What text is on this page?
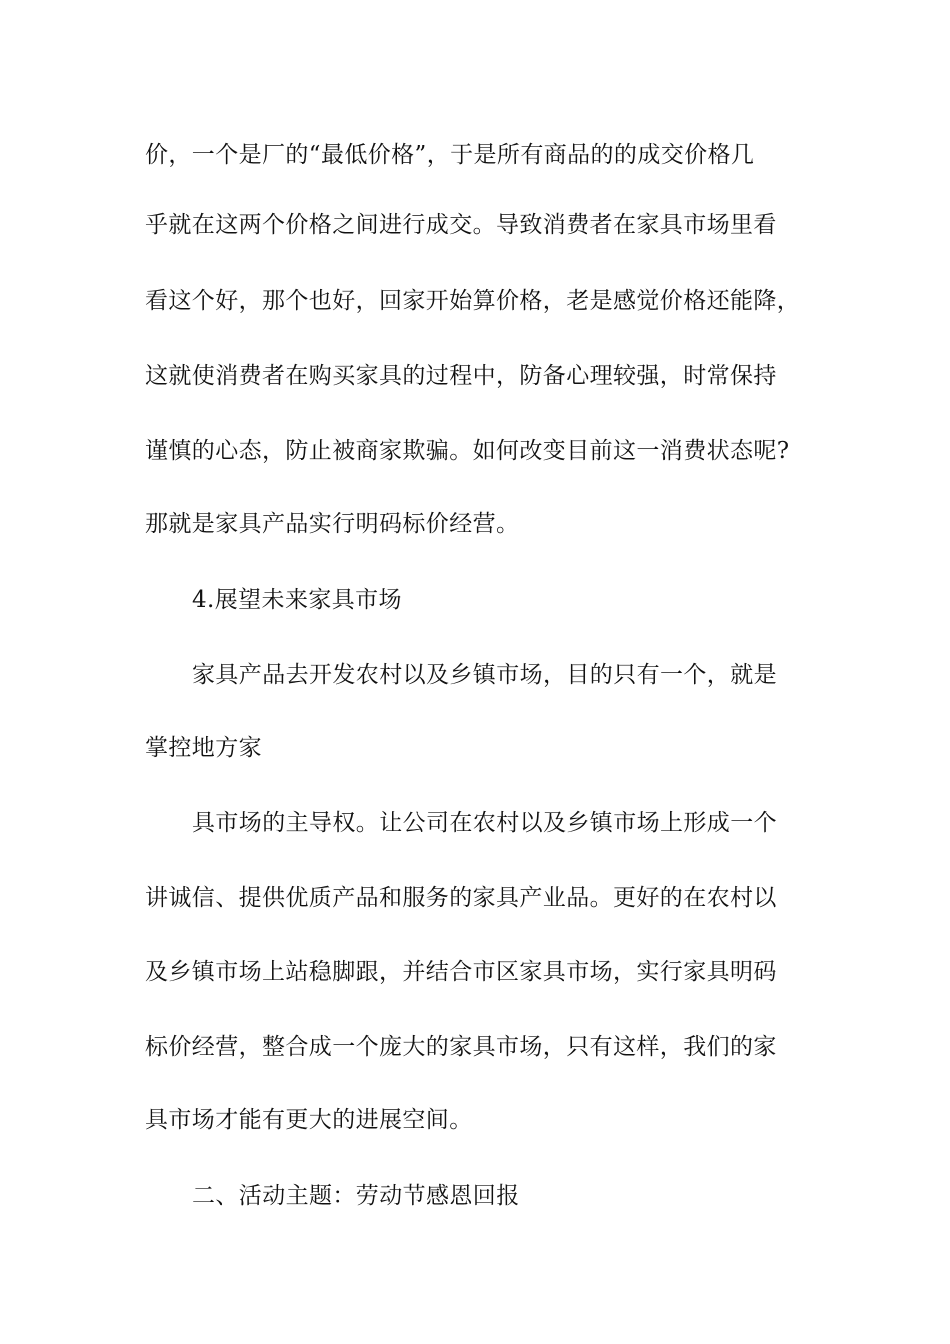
价，一个是厂的“最低价格”，于是所有商品的的成交价格几
乎就在这两个价格之间进行成交。导致消费者在家具市场里看
看这个好，那个也好，回家开始算价格，老是感觉价格还能降，
这就使消费者在购买家具的过程中，防备心理较强，时常保持
谨慎的心态，防止被商家欺骗。如何改变目前这一消费状态呢?
那就是家具产品实行明码标价经营。
4.展望未来家具市场
家具产品去开发农村以及乡镇市场，目的只有一个，就是
掌控地方家
具市场的主导权。让公司在农村以及乡镇市场上形成一个
讲诚信、提供优质产品和服务的家具产业品。更好的在农村以
及乡镇市场上站稳脚跟，并结合市区家具市场，实行家具明码
标价经营，整合成一个庞大的家具市场，只有这样，我们的家
具市场才能有更大的进展空间。
二、活动主题：劳动节感恩回报
